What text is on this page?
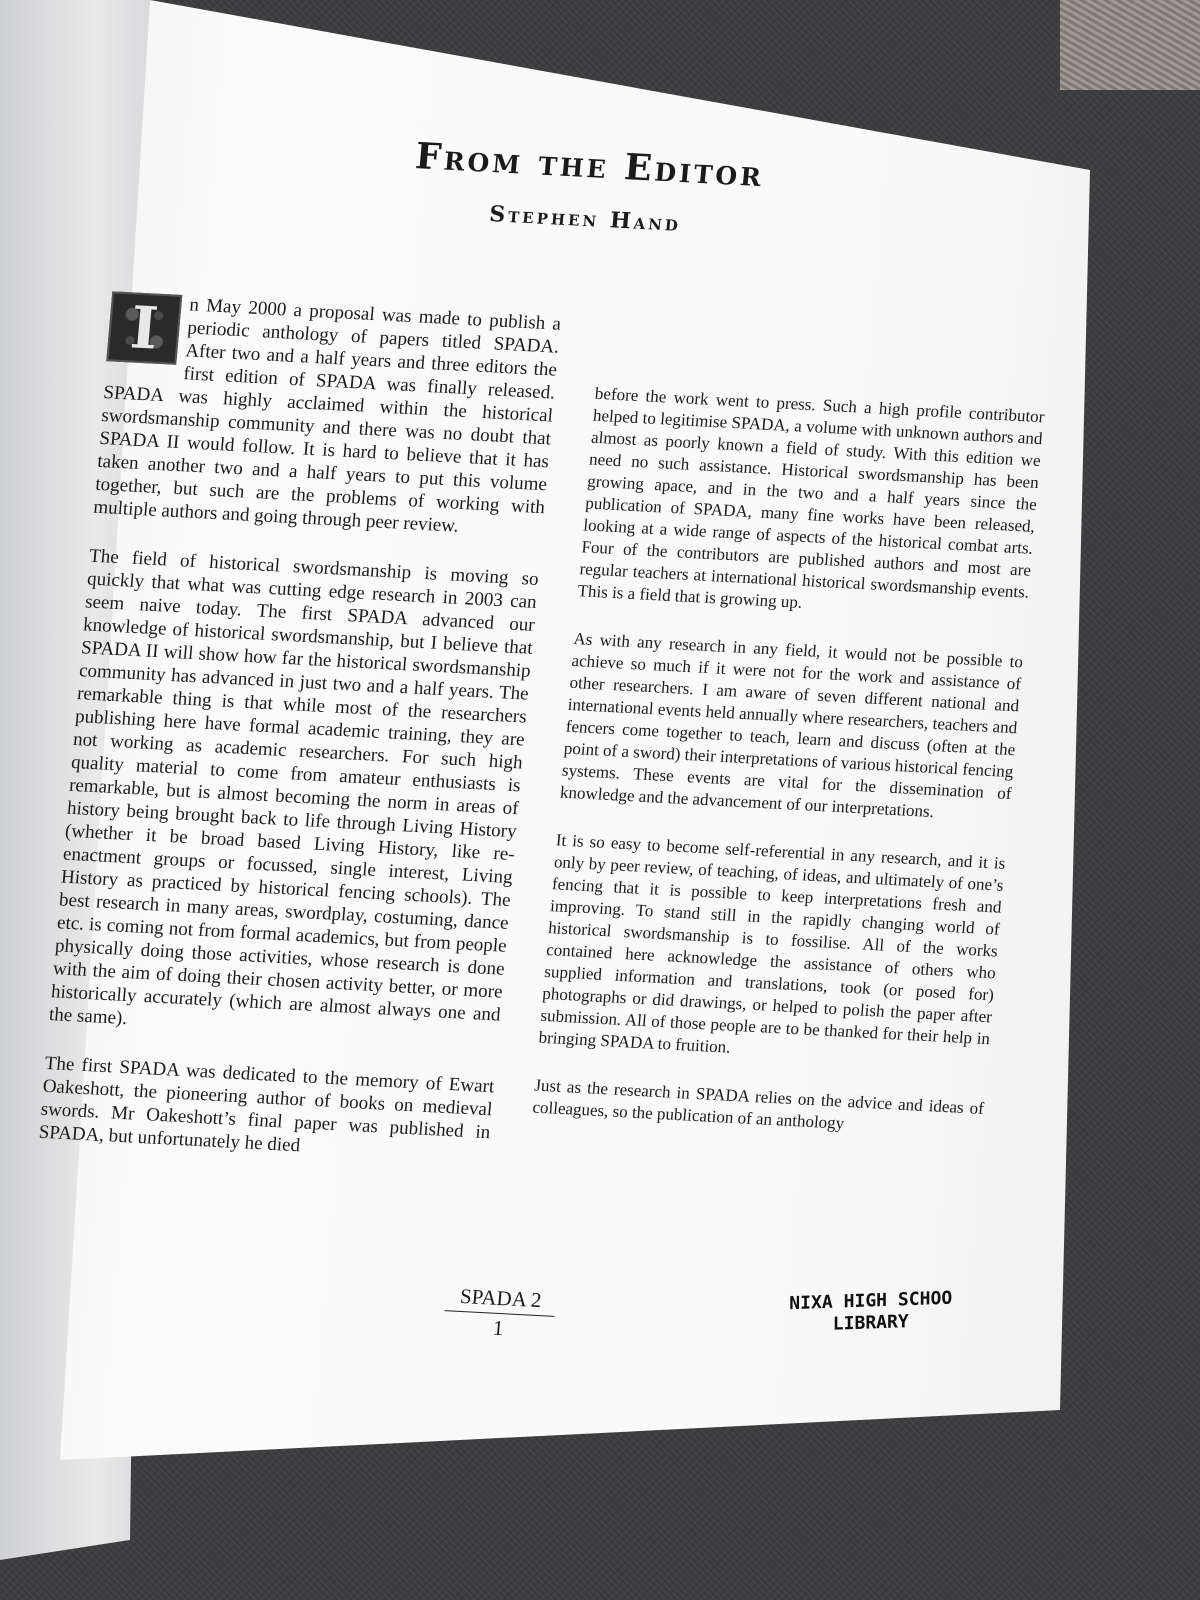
From the Editor
Stephen Hand

I	n May 2000 a proposal was made to publish a periodic anthology of papers titled SPADA. After two and a half years and three editors the first edition of SPADA was finally released. SPADA was highly acclaimed within the historical swordsmanship community and there was no doubt that SPADA II would follow. It is hard to believe that it has taken another two and a half years to put this volume together, but such are the problems of working with multiple authors and going through peer review.

The field of historical swordsmanship is moving so quickly that what was cutting edge research in 2003 can seem naive today. The first SPADA advanced our knowledge of historical swordsmanship, but I believe that SPADA II will show how far the historical swordsmanship community has advanced in just two and a half years. The remarkable thing is that while most of the researchers publishing here have formal academic training, they are not working as academic researchers. For such high quality material to come from amateur enthusiasts is remarkable, but is almost becoming the norm in areas of history being brought back to life through Living History (whether it be broad based Living History, like re-enactment groups or focussed, single interest, Living History as practiced by historical fencing schools). The best research in many areas, swordplay, costuming, dance etc. is coming not from formal academics, but from people physically doing those activities, whose research is done with the aim of doing their chosen activity better, or more historically accurately (which are almost always one and the same).

The first SPADA was dedicated to the memory of Ewart Oakeshott, the pioneering author of books on medieval swords. Mr Oakeshott’s final paper was published in SPADA, but unfortunately he died

before the work went to press. Such a high profile contributor helped to legitimise SPADA, a volume with unknown authors and almost as poorly known a field of study. With this edition we need no such assistance. Historical swordsmanship has been growing apace, and in the two and a half years since the publication of SPADA, many fine works have been released, looking at a wide range of aspects of the historical combat arts. Four of the contributors are published authors and most are regular teachers at international historical swordsmanship events. This is a field that is growing up.

As with any research in any field, it would not be possible to achieve so much if it were not for the work and assistance of other researchers. I am aware of seven different national and international events held annually where researchers, teachers and fencers come together to teach, learn and discuss (often at the point of a sword) their interpretations of various historical fencing systems. These events are vital for the dissemination of knowledge and the advancement of our interpretations.

It is so easy to become self-referential in any research, and it is only by peer review, of teaching, of ideas, and ultimately of one’s fencing that it is possible to keep interpretations fresh and improving. To stand still in the rapidly changing world of historical swordsmanship is to fossilise. All of the works contained here acknowledge the assistance of others who supplied information and translations, took (or posed for) photographs or did drawings, or helped to polish the paper after submission. All of those people are to be thanked for their help in bringing SPADA to fruition.

Just as the research in SPADA relies on the advice and ideas of colleagues, so the publication of an anthology

SPADA 2
1
NIXA HIGH SCHOO
LIBRARY
